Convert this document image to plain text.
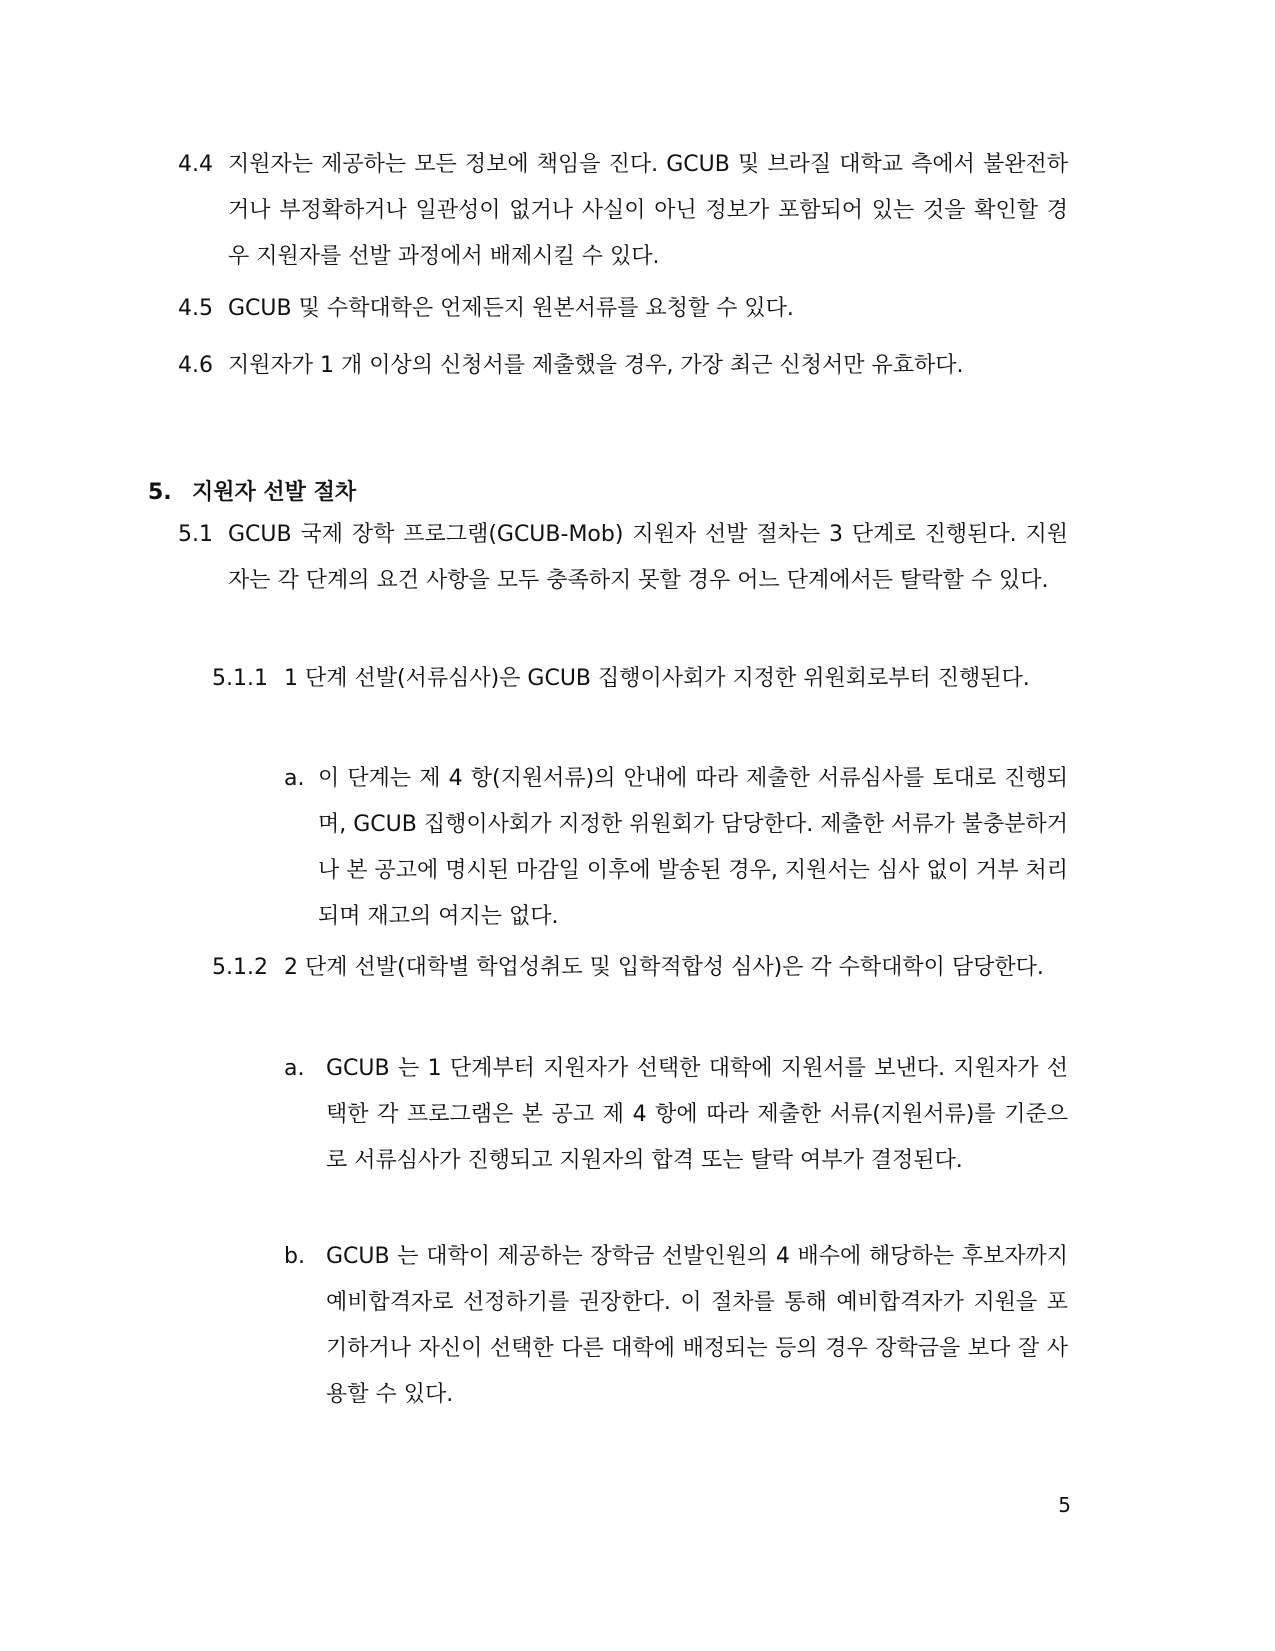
4.4 지원자는 제공하는 모든 정보에 책임을 진다. GCUB 및 브라질 대학교 측에서 불완전하거나 부정확하거나 일관성이 없거나 사실이 아닌 정보가 포함되어 있는 것을 확인할 경우 지원자를 선발 과정에서 배제시킬 수 있다.
4.5 GCUB 및 수학대학은 언제든지 원본서류를 요청할 수 있다.
4.6 지원자가 1 개 이상의 신청서를 제출했을 경우, 가장 최근 신청서만 유효하다.
5. 지원자 선발 절차
5.1 GCUB 국제 장학 프로그램(GCUB-Mob) 지원자 선발 절차는 3 단계로 진행된다. 지원자는 각 단계의 요건 사항을 모두 충족하지 못할 경우 어느 단계에서든 탈락할 수 있다.
5.1.1 1 단계 선발(서류심사)은 GCUB 집행이사회가 지정한 위원회로부터 진행된다.
a. 이 단계는 제 4 항(지원서류)의 안내에 따라 제출한 서류심사를 토대로 진행되며, GCUB 집행이사회가 지정한 위원회가 담당한다. 제출한 서류가 불충분하거나 본 공고에 명시된 마감일 이후에 발송된 경우, 지원서는 심사 없이 거부 처리되며 재고의 여지는 없다.
5.1.2 2 단계 선발(대학별 학업성취도 및 입학적합성 심사)은 각 수학대학이 담당한다.
a. GCUB 는 1 단계부터 지원자가 선택한 대학에 지원서를 보낸다. 지원자가 선택한 각 프로그램은 본 공고 제 4 항에 따라 제출한 서류(지원서류)를 기준으로 서류심사가 진행되고 지원자의 합격 또는 탈락 여부가 결정된다.
b. GCUB 는 대학이 제공하는 장학금 선발인원의 4 배수에 해당하는 후보자까지 예비합격자로 선정하기를 권장한다. 이 절차를 통해 예비합격자가 지원을 포기하거나 자신이 선택한 다른 대학에 배정되는 등의 경우 장학금을 보다 잘 사용할 수 있다.
5
